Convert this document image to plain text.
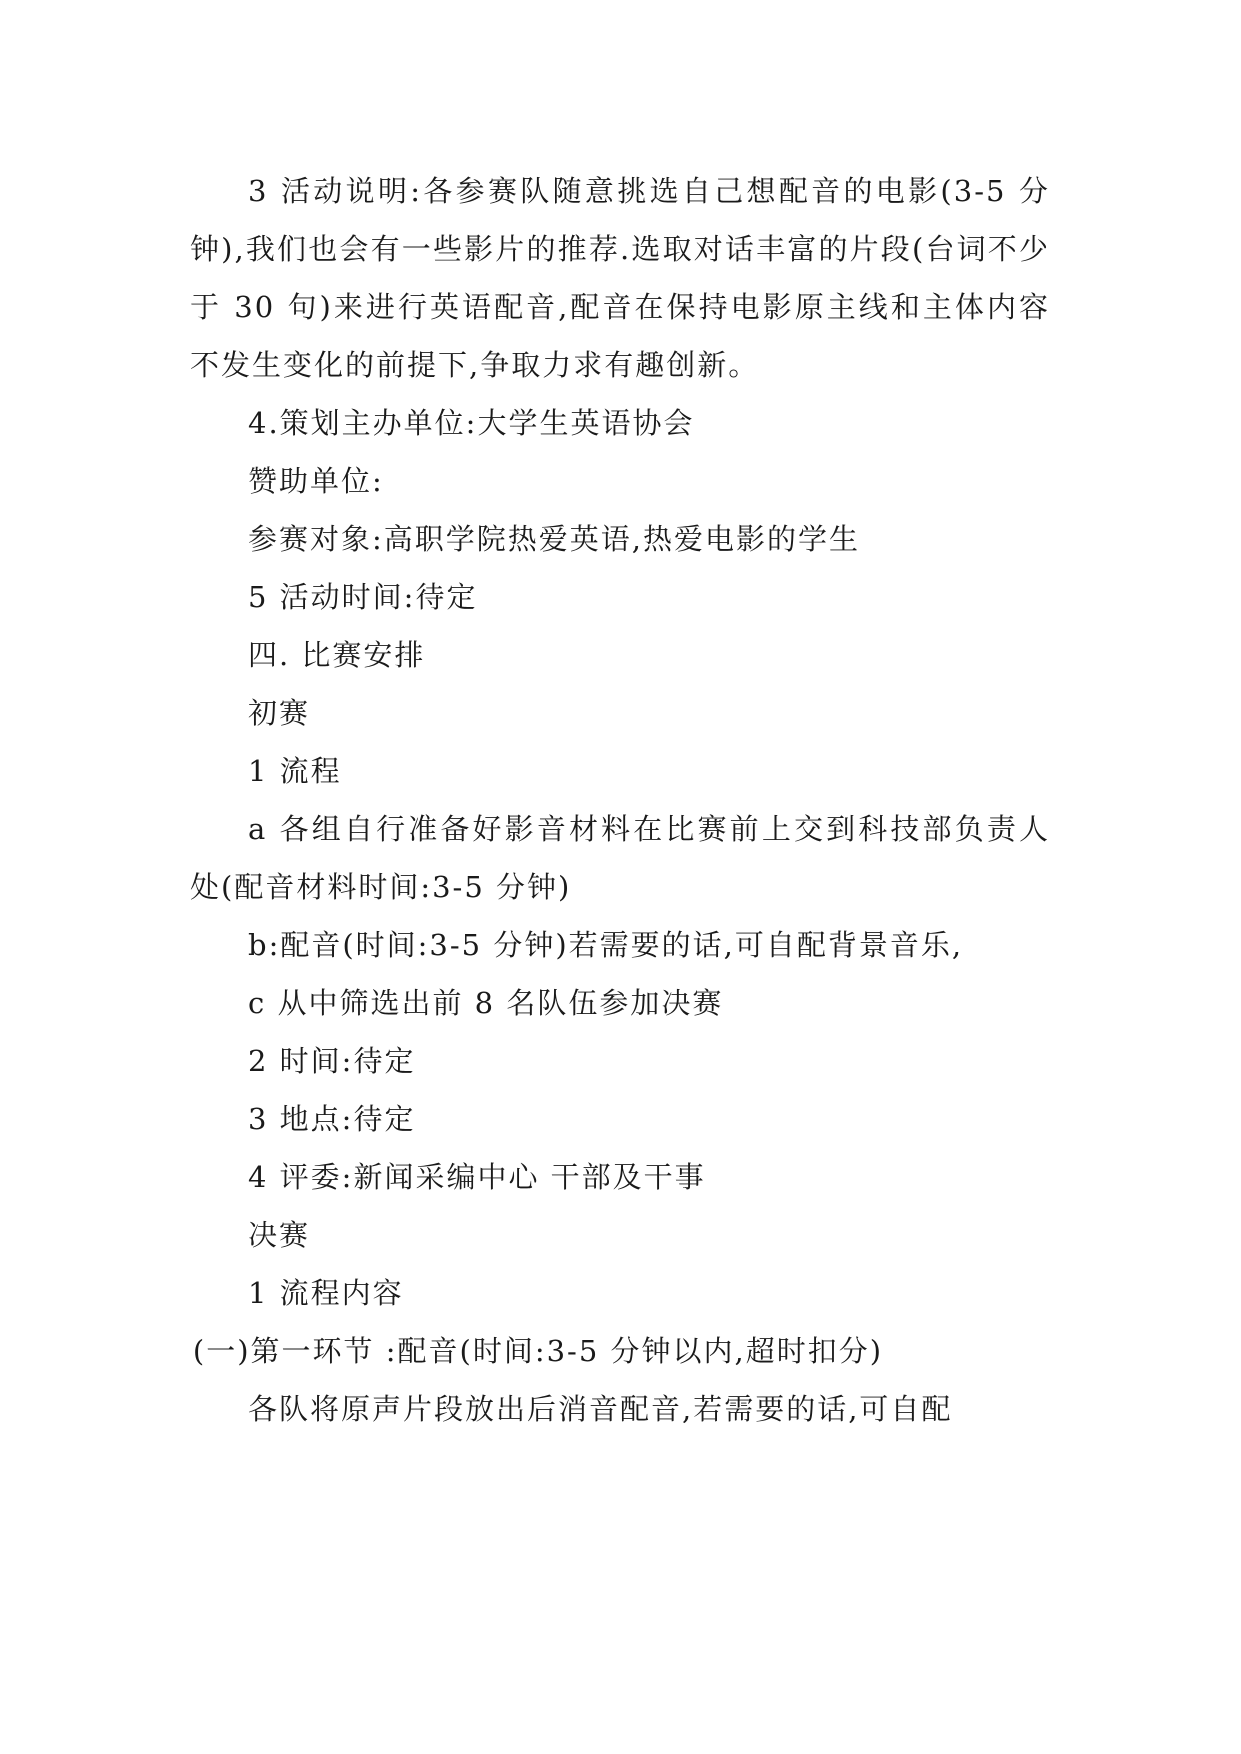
3 活动说明:各参赛队随意挑选自己想配音的电影(3-5 分钟),我们也会有一些影片的推荐.选取对话丰富的片段(台词不少于 30 句)来进行英语配音,配音在保持电影原主线和主体内容不发生变化的前提下,争取力求有趣创新。

4.策划主办单位:大学生英语协会

赞助单位:

参赛对象:高职学院热爱英语,热爱电影的学生

5 活动时间:待定

四. 比赛安排

初赛

1 流程

a 各组自行准备好影音材料在比赛前上交到科技部负责人处(配音材料时间:3-5 分钟)

b:配音(时间:3-5 分钟)若需要的话,可自配背景音乐,

c 从中筛选出前 8 名队伍参加决赛

2 时间:待定

3 地点:待定

4 评委:新闻采编中心 干部及干事

决赛

1 流程内容

(一)第一环节 :配音(时间:3-5 分钟以内,超时扣分)

各队将原声片段放出后消音配音,若需要的话,可自配
